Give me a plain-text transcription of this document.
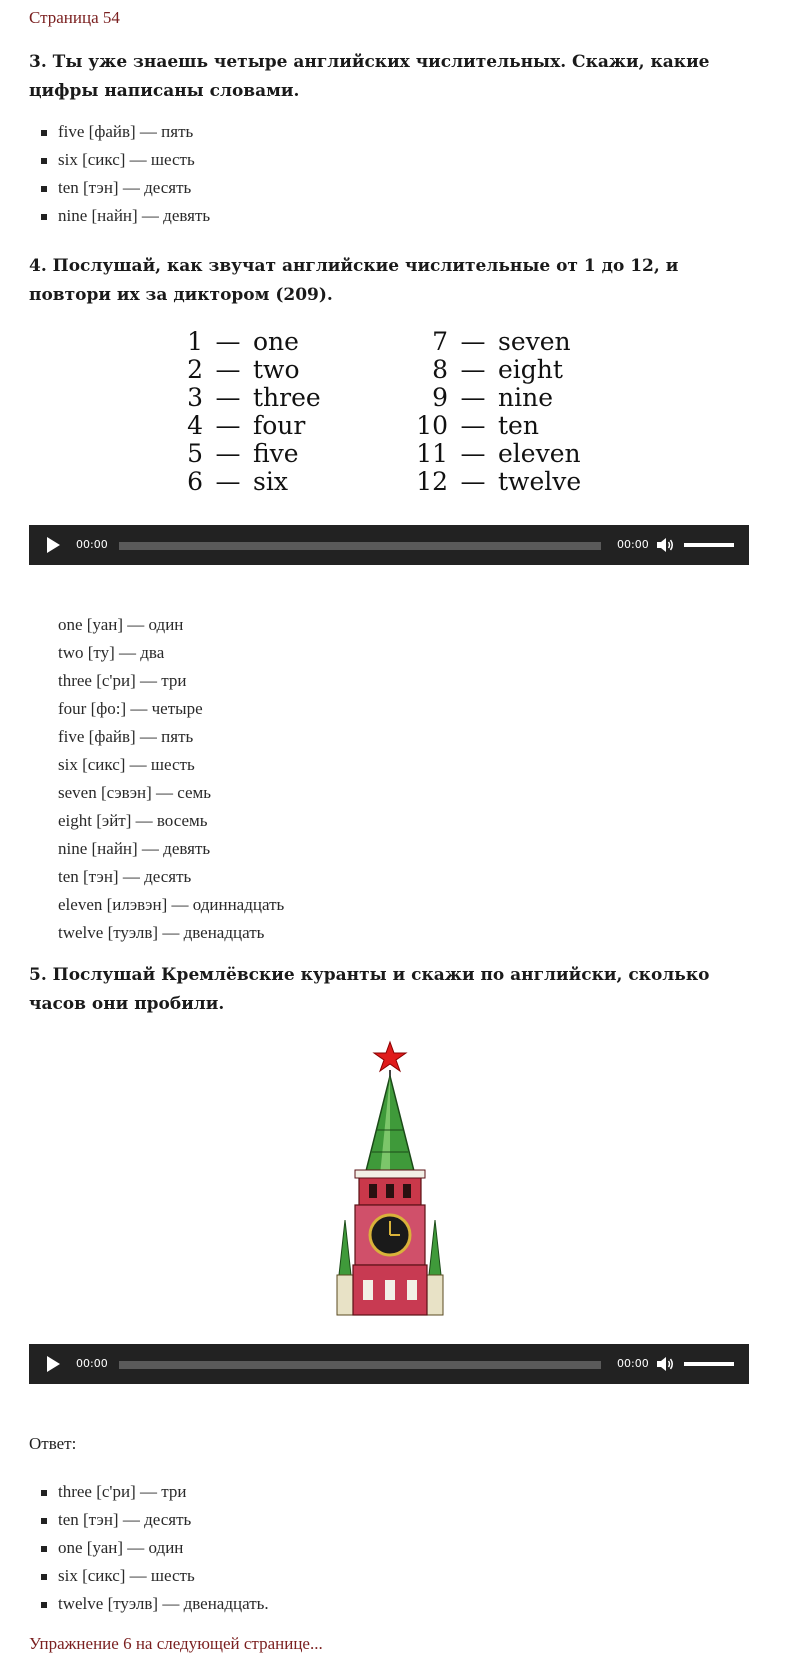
Страница 54
3. Ты уже знаешь четыре английских числительных. Скажи, какие цифры написаны словами.
five [файв] — пять
six [сикс] — шесть
ten [тэн] — десять
nine [найн] — девять
4. Послушай, как звучат английские числительные от 1 до 12, и повтори их за диктором (209).
1 — one
2 — two
3 — three
4 — four
5 — five
6 — six
7 — seven
8 — eight
9 — nine
10 — ten
11 — eleven
12 — twelve
00:00	00:00
one [уан] — один
two [ту] — два
three [с'ри] — три
four [фо:] — четыре
five [файв] — пять
six [сикс] — шесть
seven [сэвэн] — семь
eight [эйт] — восемь
nine [найн] — девять
ten [тэн] — десять
eleven [илэвэн] — одиннадцать
twelve [туэлв] — двенадцать
5. Послушай Кремлёвские куранты и скажи по английски, сколько часов они пробили.
00:00	00:00
Ответ:
three [с'ри] — три
ten [тэн] — десять
one [уан] — один
six [сикс] — шесть
twelve [туэлв] — двенадцать.
Упражнение 6 на следующей странице...
